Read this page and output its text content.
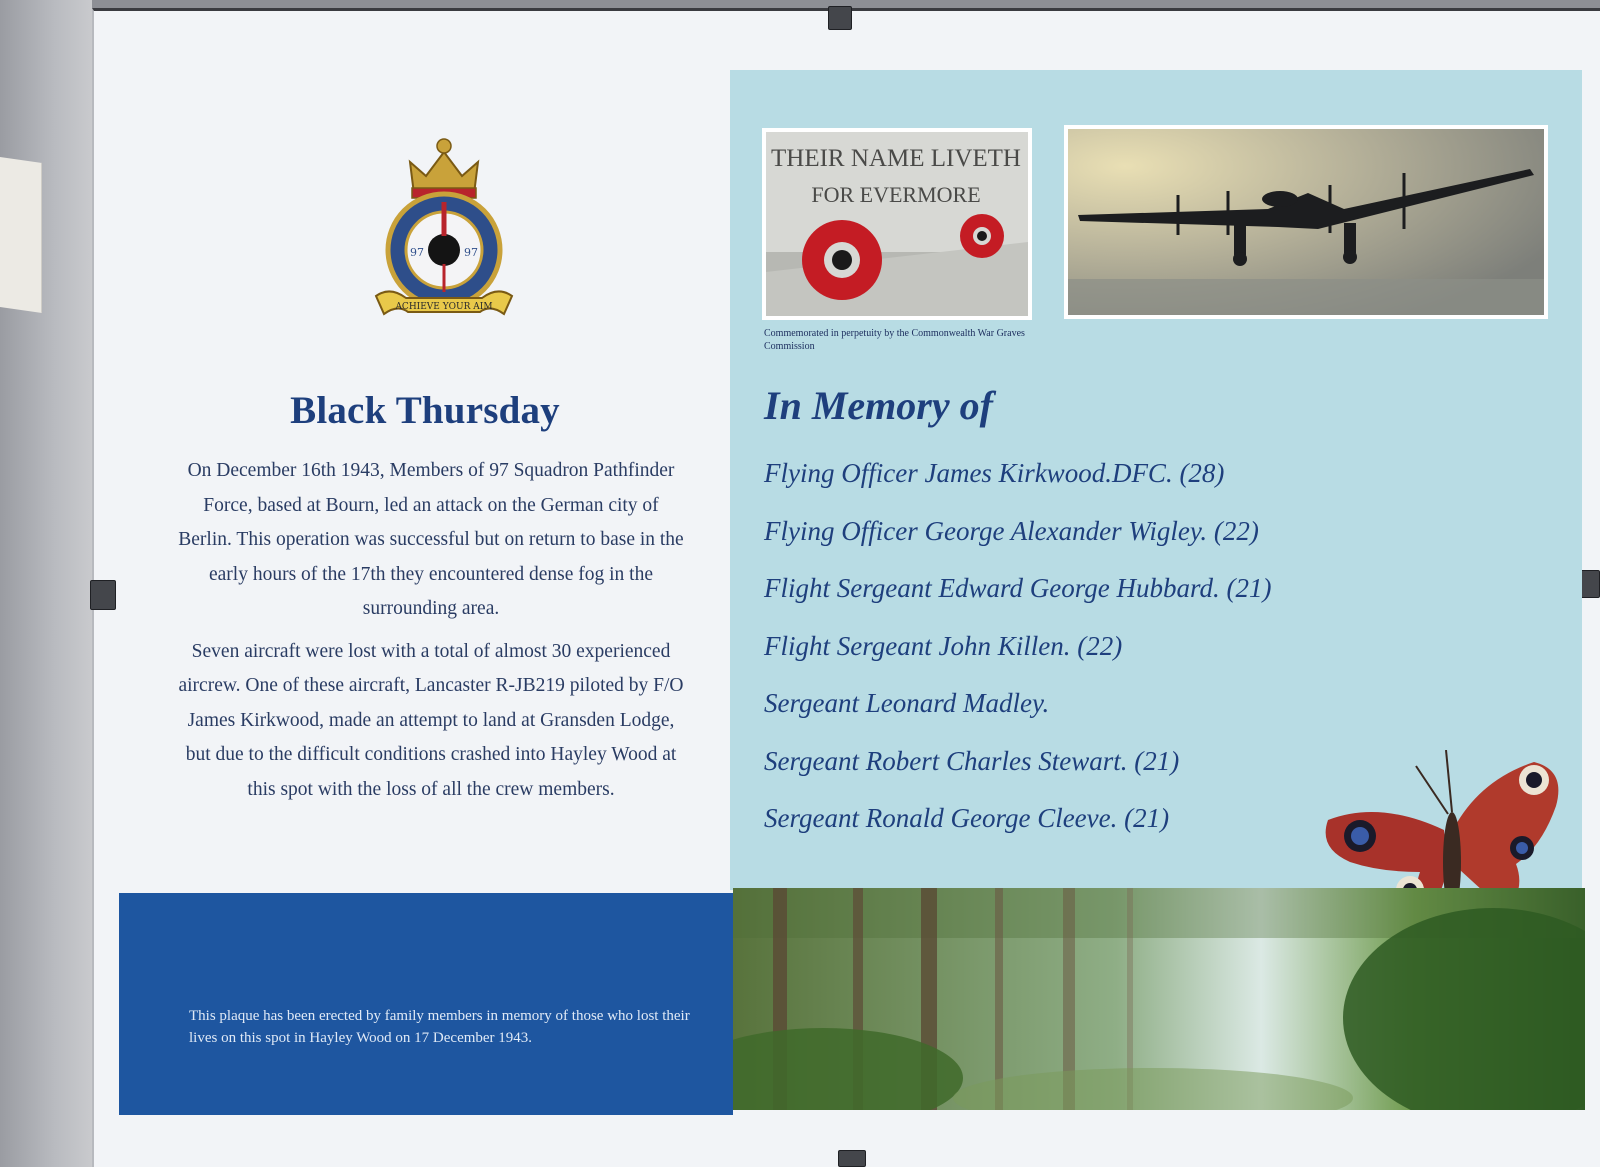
97	97
ACHIEVE YOUR AIM
Black Thursday

On December 16th 1943, Members of 97 Squadron Pathfinder Force, based at Bourn, led an attack on the German city of Berlin. This operation was successful but on return to base in the early hours of the 17th they encountered dense fog in the surrounding area.

Seven aircraft were lost with a total of almost 30 experienced aircrew. One of these aircraft, Lancaster R-JB219 piloted by F/O James Kirkwood, made an attempt to land at Gransden Lodge, but due to the difficult conditions crashed into Hayley Wood at this spot with the loss of all the crew members.

THEIR NAME LIVETH
FOR EVERMORE

Commemorated in perpetuity by the Commonwealth War Graves Commission

In Memory of
Flying Officer James Kirkwood.DFC. (28)
Flying Officer George Alexander Wigley. (22)
Flight Sergeant Edward George Hubbard. (21)
Flight Sergeant John Killen. (22)
Sergeant Leonard Madley.
Sergeant Robert Charles Stewart. (21)
Sergeant Ronald George Cleeve. (21)

This plaque has been erected by family members in memory of those who lost their lives on this spot in Hayley Wood on 17 December 1943.
